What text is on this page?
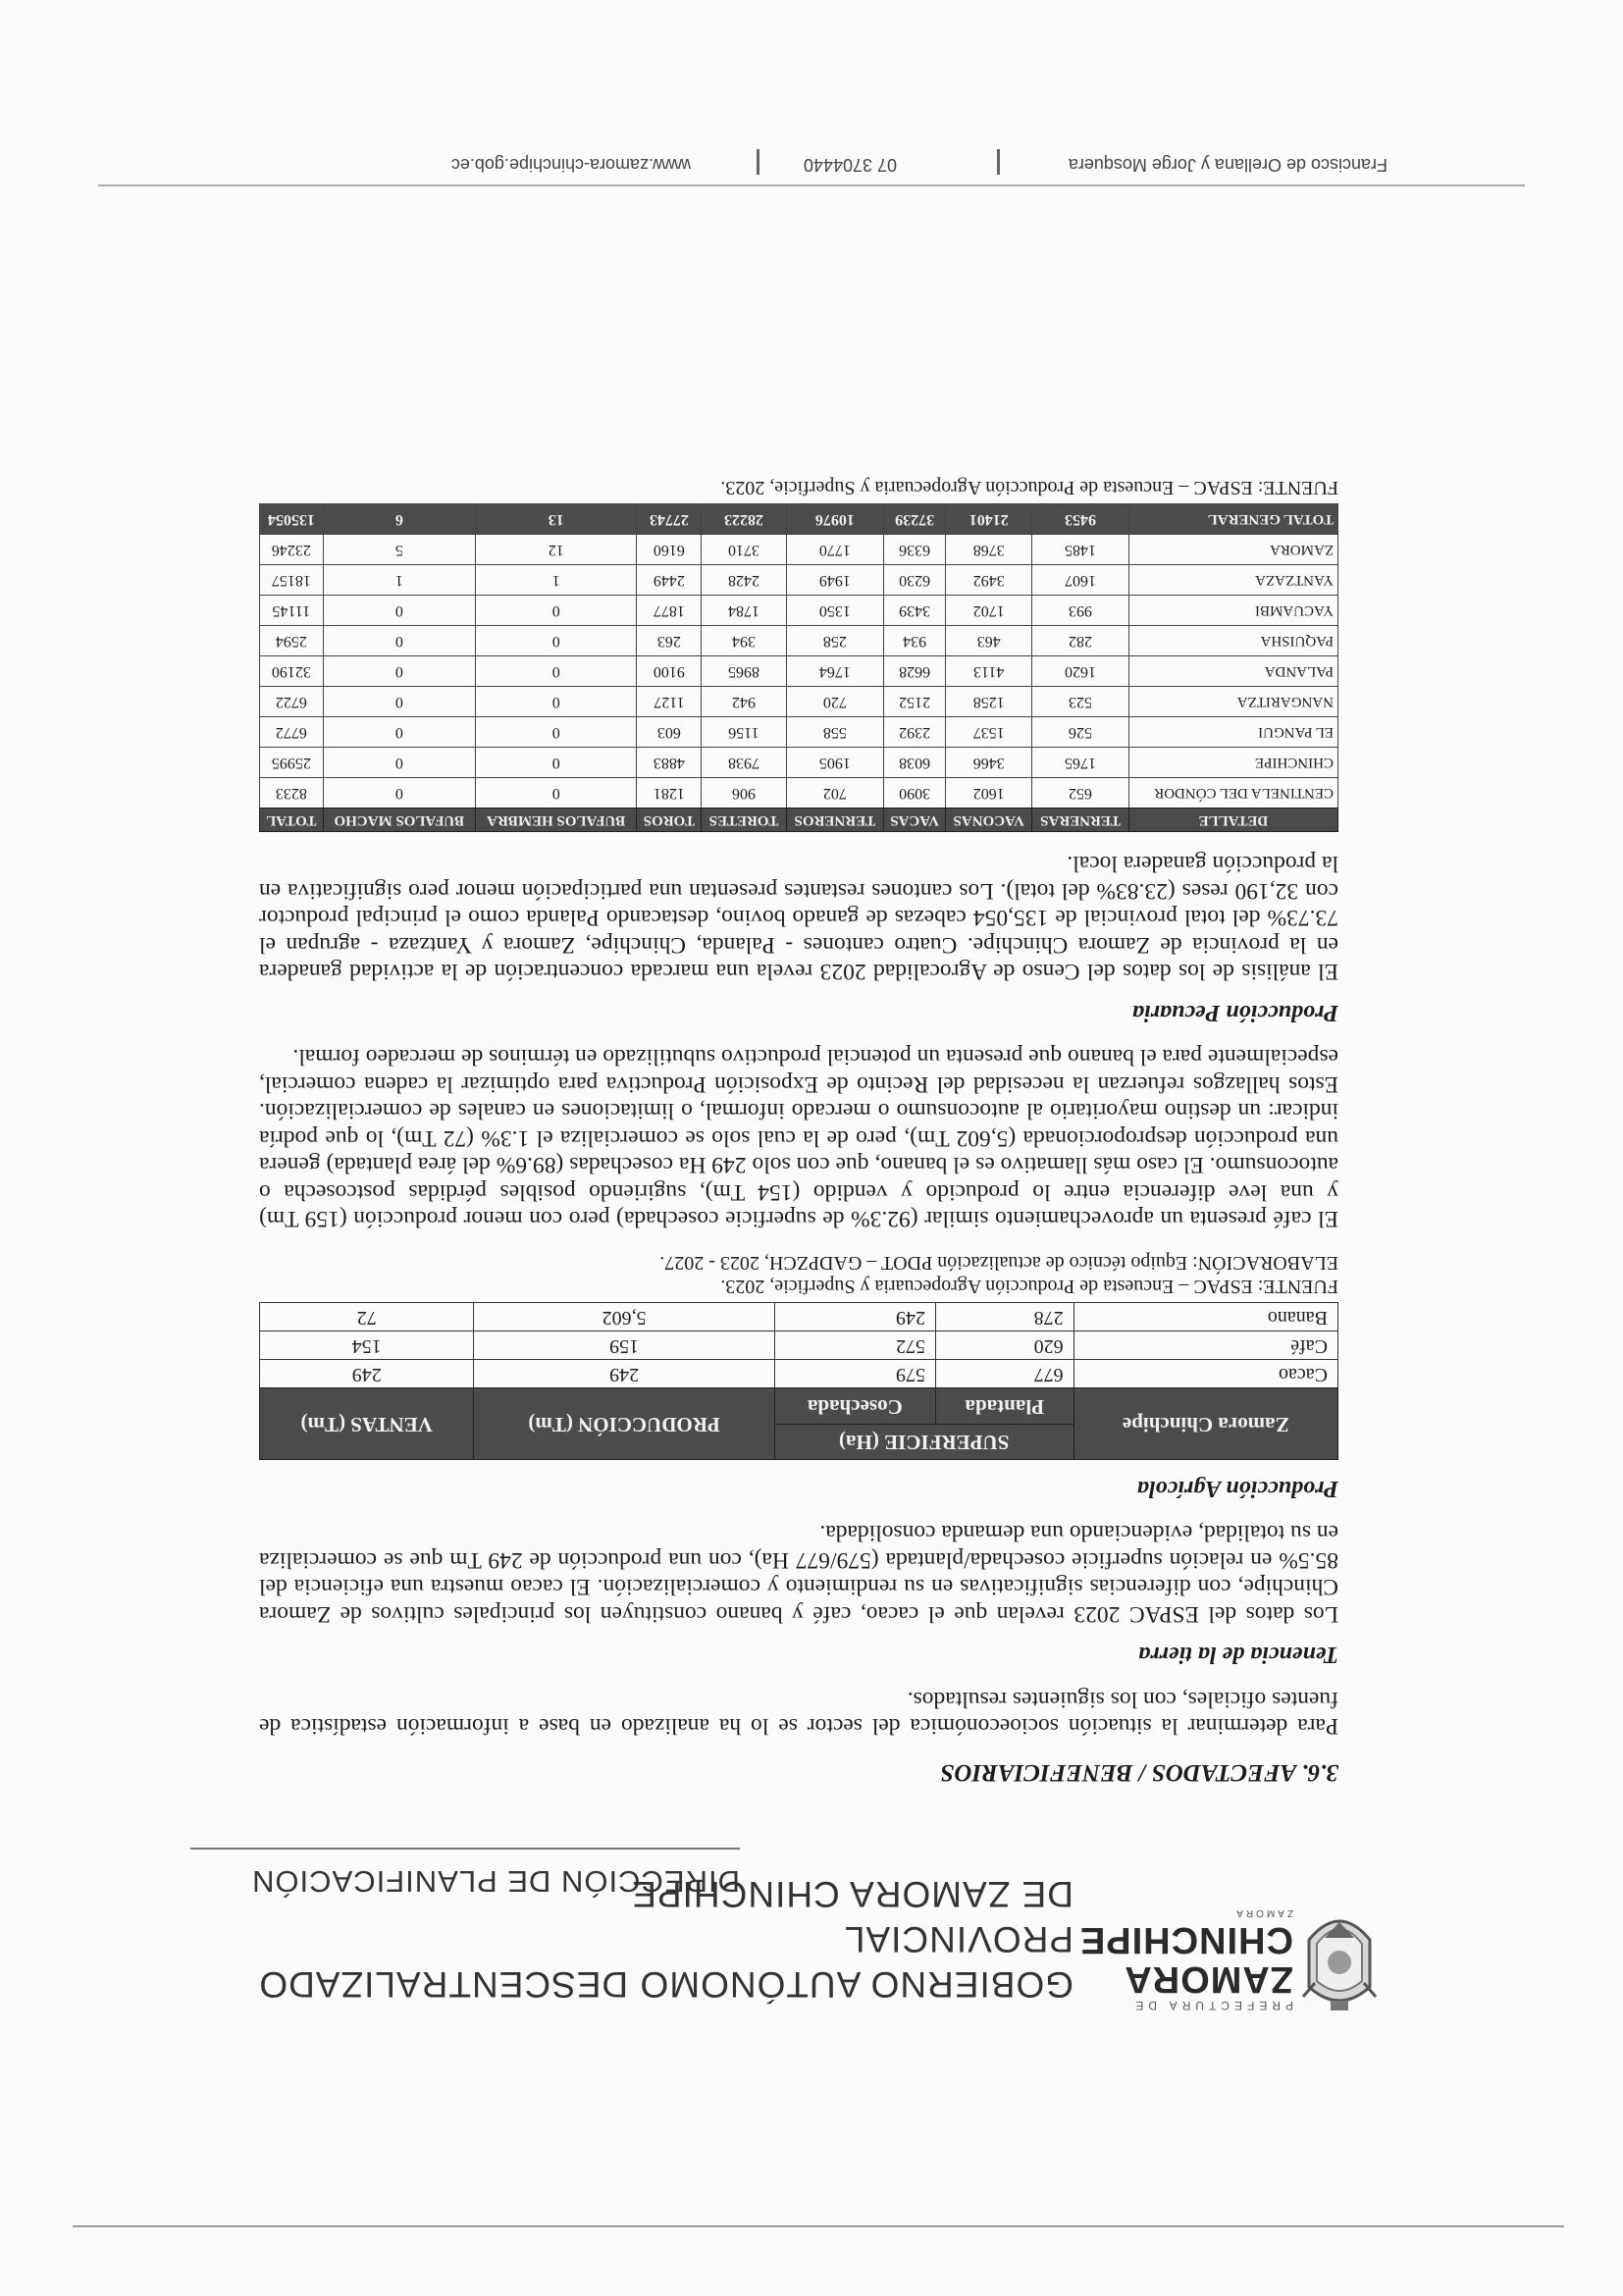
PREFECTURA DE
ZAMORA
CHINCHIPE
ZAMORA
GOBIERNO AUTÓNOMO DESCENTRALIZADO PROVINCIAL
DE ZAMORA CHINCHIPE
DIRECCIÓN DE PLANIFICACIÓN
3.6. AFECTADOS / BENEFICIARIOS

Para determinar la situación socioeconómica del sector se lo ha analizado en base a información estadística de fuentes oficiales, con los siguientes resultados.

Tenencia de la tierra

Los datos del ESPAC 2023 revelan que el cacao, café y banano constituyen los principales cultivos de Zamora Chinchipe, con diferencias significativas en su rendimiento y comercialización. El cacao muestra una eficiencia del 85.5% en relación superficie cosechada/plantada (579/677 Ha), con una producción de 249 Tm que se comercializa en su totalidad, evidenciando una demanda consolidada.

Producción Agrícola
Zamora Chinchipe	SUPERFICIE (Ha)		PRODUCCIÓN (Tm)	VENTAS (Tm)
	Plantada	Cosechada		
Cacao	677	579	249	249
Café	620	572	159	154
Banano	278	249	5,602	72

FUENTE: ESPAC – Encuesta de Producción Agropecuaria y Superficie, 2023.

ELABORACIÓN: Equipo técnico de actualización PDOT – GADPZCH, 2023 - 2027.

El café presenta un aprovechamiento similar (92.3% de superficie cosechada) pero con menor producción (159 Tm) y una leve diferencia entre lo producido y vendido (154 Tm), sugiriendo posibles pérdidas postcosecha o autoconsumo. El caso más llamativo es el banano, que con solo 249 Ha cosechadas (89.6% del área plantada) genera una producción desproporcionada (5,602 Tm), pero de la cual solo se comercializa el 1.3% (72 Tm), lo que podría indicar: un destino mayoritario al autoconsumo o mercado informal, o limitaciones en canales de comercialización. Estos hallazgos refuerzan la necesidad del Recinto de Exposición Productiva para optimizar la cadena comercial, especialmente para el banano que presenta un potencial productivo subutilizado en términos de mercadeo formal.

Producción Pecuaria

El análisis de los datos del Censo de Agrocalidad 2023 revela una marcada concentración de la actividad ganadera en la provincia de Zamora Chinchipe. Cuatro cantones - Palanda, Chinchipe, Zamora y Yantzaza - agrupan el 73.73% del total provincial de 135,054 cabezas de ganado bovino, destacando Palanda como el principal productor con 32,190 reses (23.83% del total). Los cantones restantes presentan una participación menor pero significativa en la producción ganadera local.

DETALLE	TERNERAS	VACONAS	VACAS	TERNEROS	TORETES	TOROS	BUFALOS HEMBRA	BUFALOS MACHO	TOTAL
CENTINELA DEL CÓNDOR	652	1602	3090	702	906	1281	0	0	8233
CHINCHIPE	1765	3466	6038	1905	7938	4883	0	0	25995
EL PANGUI	526	1537	2392	558	1156	603	0	0	6772
NANGARITZA	523	1258	2152	720	942	1127	0	0	6722
PALANDA	1620	4113	6628	1764	8965	9100	0	0	32190
PAQUISHA	282	463	934	258	394	263	0	0	2594
YACUAMBI	993	1702	3439	1350	1784	1877	0	0	11145
YANTZAZA	1607	3492	6230	1949	2428	2449	1	1	18157
ZAMORA	1485	3768	6336	1770	3710	6160	12	5	23246
TOTAL GENERAL	9453	21401	37239	10976	28223	27743	13	6	135054

FUENTE: ESPAC – Encuesta de Producción Agropecuaria y Superficie, 2023.

Francisco de Orellana y Jorge Mosquera
07 3704440
www.zamora-chinchipe.gob.ec
